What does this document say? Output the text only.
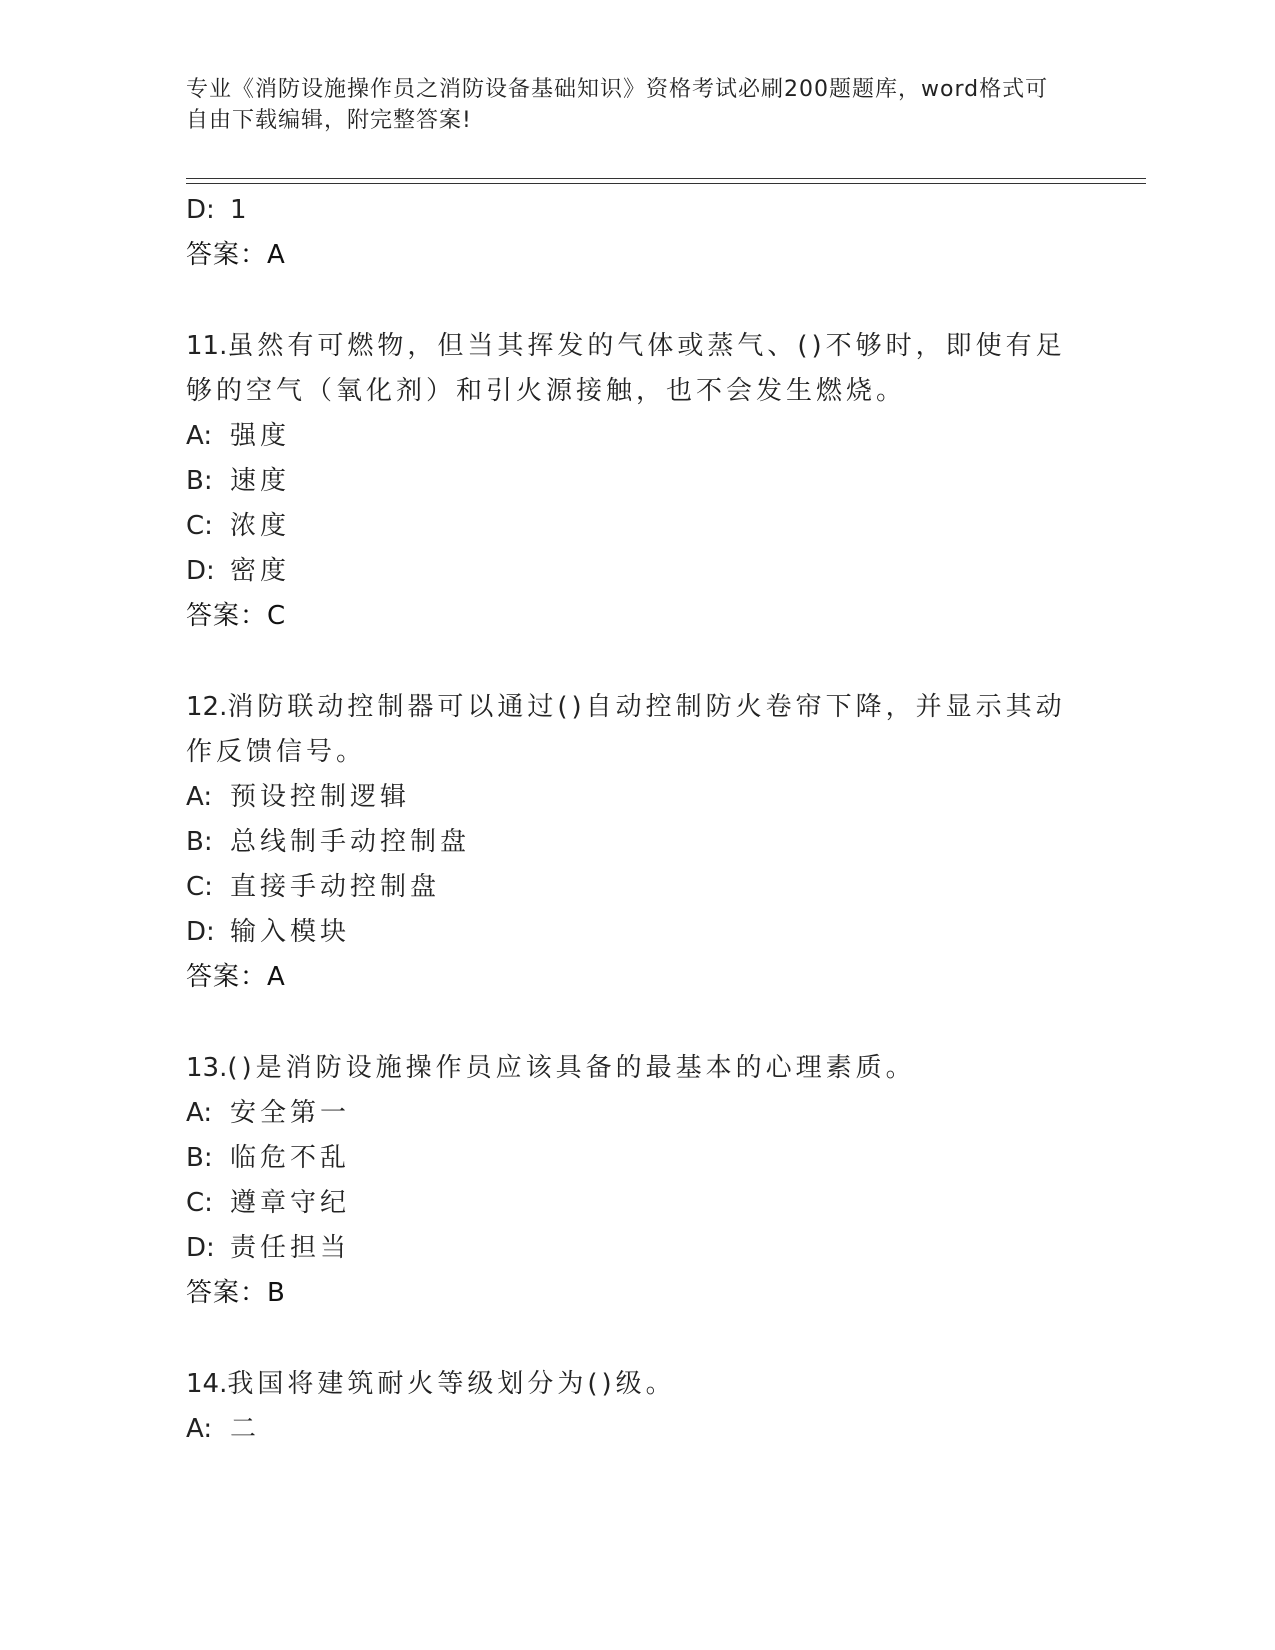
专业《消防设施操作员之消防设备基础知识》资格考试必刷200题题库，word格式可自由下载编辑，附完整答案!
D: 1
答案：A
11.虽然有可燃物，但当其挥发的气体或蒸气、()不够时，即使有足够的空气（氧化剂）和引火源接触，也不会发生燃烧。
A: 强度
B: 速度
C: 浓度
D: 密度
答案：C
12.消防联动控制器可以通过()自动控制防火卷帘下降，并显示其动作反馈信号。
A: 预设控制逻辑
B: 总线制手动控制盘
C: 直接手动控制盘
D: 输入模块
答案：A
13.()是消防设施操作员应该具备的最基本的心理素质。
A: 安全第一
B: 临危不乱
C: 遵章守纪
D: 责任担当
答案：B
14.我国将建筑耐火等级划分为()级。
A: 二
